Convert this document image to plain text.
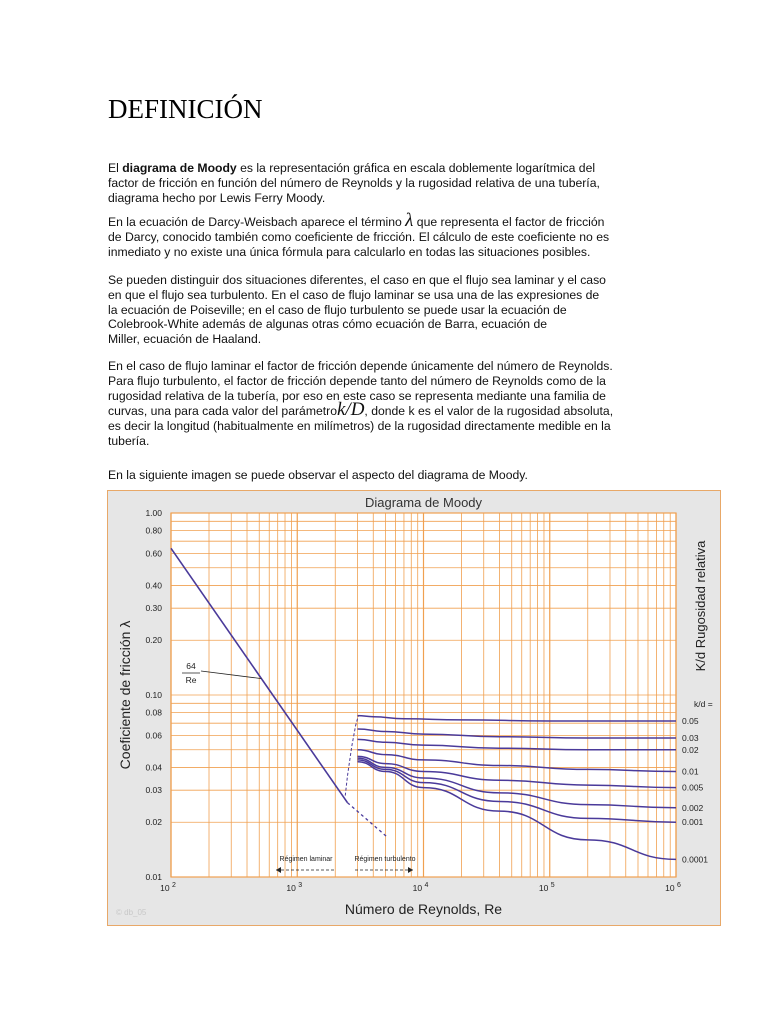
DEFINICIÓN

El diagrama de Moody es la representación gráfica en escala doblemente logarítmica del
factor de fricción en función del número de Reynolds y la rugosidad relativa de una tubería,
diagrama hecho por Lewis Ferry Moody.

En la ecuación de Darcy-Weisbach aparece el término λ que representa el factor de fricción
de Darcy, conocido también como coeficiente de fricción. El cálculo de este coeficiente no es
inmediato y no existe una única fórmula para calcularlo en todas las situaciones posibles.

Se pueden distinguir dos situaciones diferentes, el caso en que el flujo sea laminar y el caso
en que el flujo sea turbulento. En el caso de flujo laminar se usa una de las expresiones de
la ecuación de Poiseville; en el caso de flujo turbulento se puede usar la ecuación de
Colebrook-White además de algunas otras cómo ecuación de Barra, ecuación de
Miller, ecuación de Haaland.

En el caso de flujo laminar el factor de fricción depende únicamente del número de Reynolds.
Para flujo turbulento, el factor de fricción depende tanto del número de Reynolds como de la
rugosidad relativa de la tubería, por eso en este caso se representa mediante una familia de
curvas, una para cada valor del parámetrok/D, donde k es el valor de la rugosidad absoluta,
es decir la longitud (habitualmente en milímetros) de la rugosidad directamente medible en la
tubería.

En la siguiente imagen se puede observar el aspecto del diagrama de Moody.

Diagrama de Moody
1.00
0.80
0.60
0.40
0.30
0.20
0.10
0.08
0.06
0.04
0.03
0.02
0.01
10 $^2$	10 $^3$	10 $^4$	10 $^5$	10 $^6$
Número de Reynolds, Re
Coeficiente de fricción λ
K/d Rugosidad relativa
k/d =
64
Re
0.05
0.03
0.02
0.01
0.005
0.002
0.001
0.0001
Régimen laminar	Régimen turbulento
© db_05
